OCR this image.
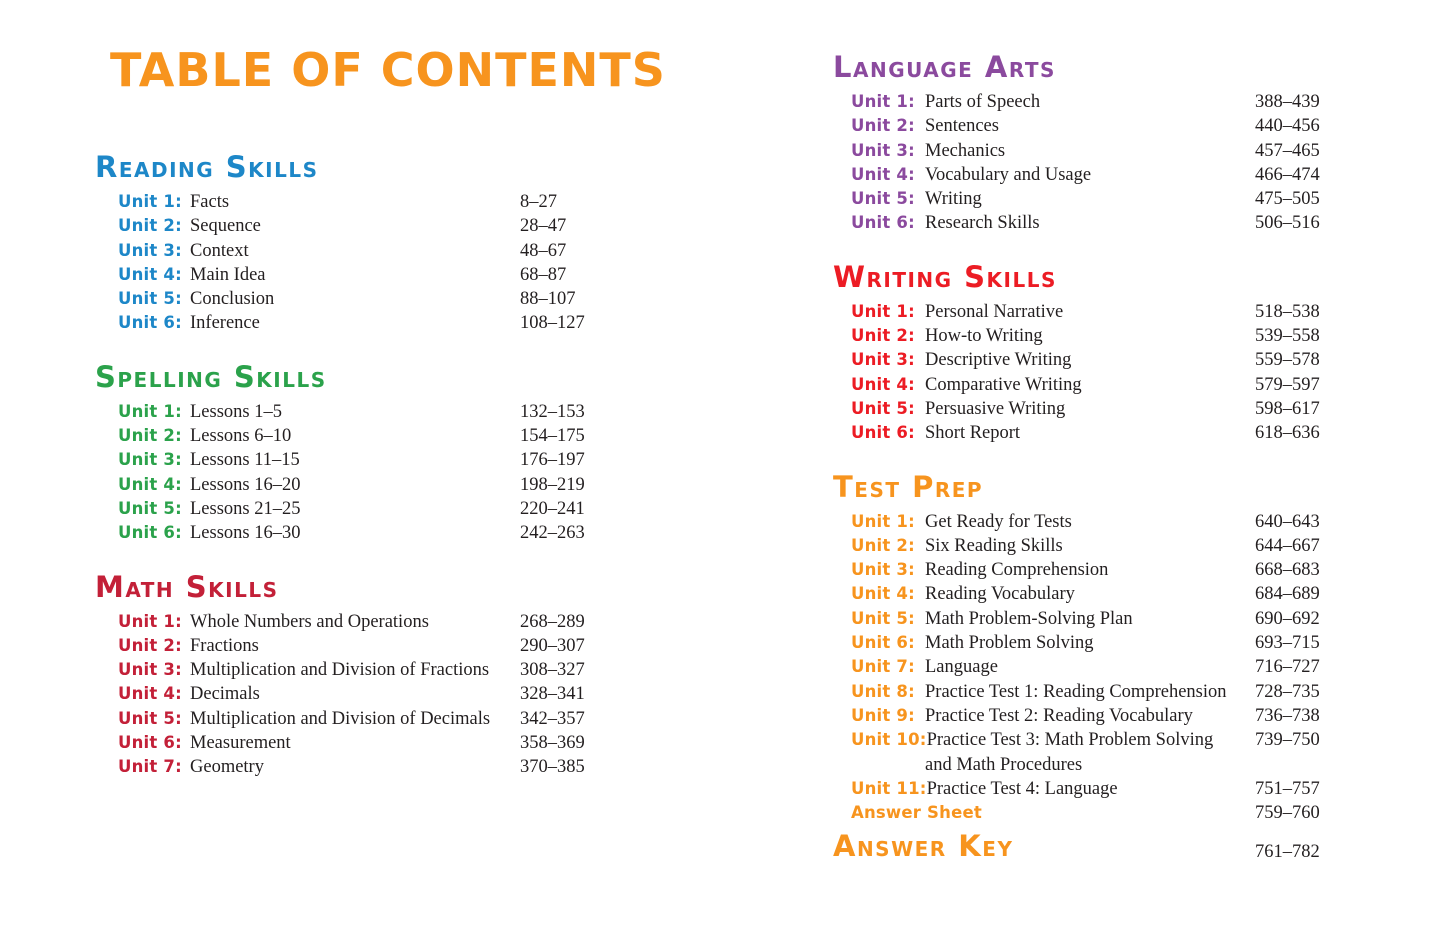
TABLE OF CONTENTS
Reading Skills
Unit 1: Facts	8–27
Unit 2: Sequence	28–47
Unit 3: Context	48–67
Unit 4: Main Idea	68–87
Unit 5: Conclusion	88–107
Unit 6: Inference	108–127
Spelling Skills
Unit 1: Lessons 1–5	132–153
Unit 2: Lessons 6–10	154–175
Unit 3: Lessons 11–15	176–197
Unit 4: Lessons 16–20	198–219
Unit 5: Lessons 21–25	220–241
Unit 6: Lessons 16–30	242–263
Math Skills
Unit 1: Whole Numbers and Operations	268–289
Unit 2: Fractions	290–307
Unit 3: Multiplication and Division of Fractions 308–327
Unit 4: Decimals	328–341
Unit 5: Multiplication and Division of Decimals 342–357
Unit 6: Measurement	358–369
Unit 7: Geometry	370–385
Language Arts
Unit 1: Parts of Speech	388–439
Unit 2: Sentences	440–456
Unit 3: Mechanics	457–465
Unit 4: Vocabulary and Usage	466–474
Unit 5: Writing	475–505
Unit 6: Research Skills	506–516
Writing Skills
Unit 1: Personal Narrative	518–538
Unit 2: How-to Writing	539–558
Unit 3: Descriptive Writing	559–578
Unit 4: Comparative Writing	579–597
Unit 5: Persuasive Writing	598–617
Unit 6: Short Report	618–636
Test Prep
Unit 1: Get Ready for Tests	640–643
Unit 2: Six Reading Skills	644–667
Unit 3: Reading Comprehension	668–683
Unit 4: Reading Vocabulary	684–689
Unit 5: Math Problem-Solving Plan	690–692
Unit 6: Math Problem Solving	693–715
Unit 7: Language	716–727
Unit 8: Practice Test 1: Reading Comprehension 728–735
Unit 9: Practice Test 2: Reading Vocabulary	736–738
Unit 10:Practice Test 3: Math Problem Solving 739–750
and Math Procedures
Unit 11:Practice Test 4: Language	751–757
Answer Sheet	759–760
Answer Key	761–782
